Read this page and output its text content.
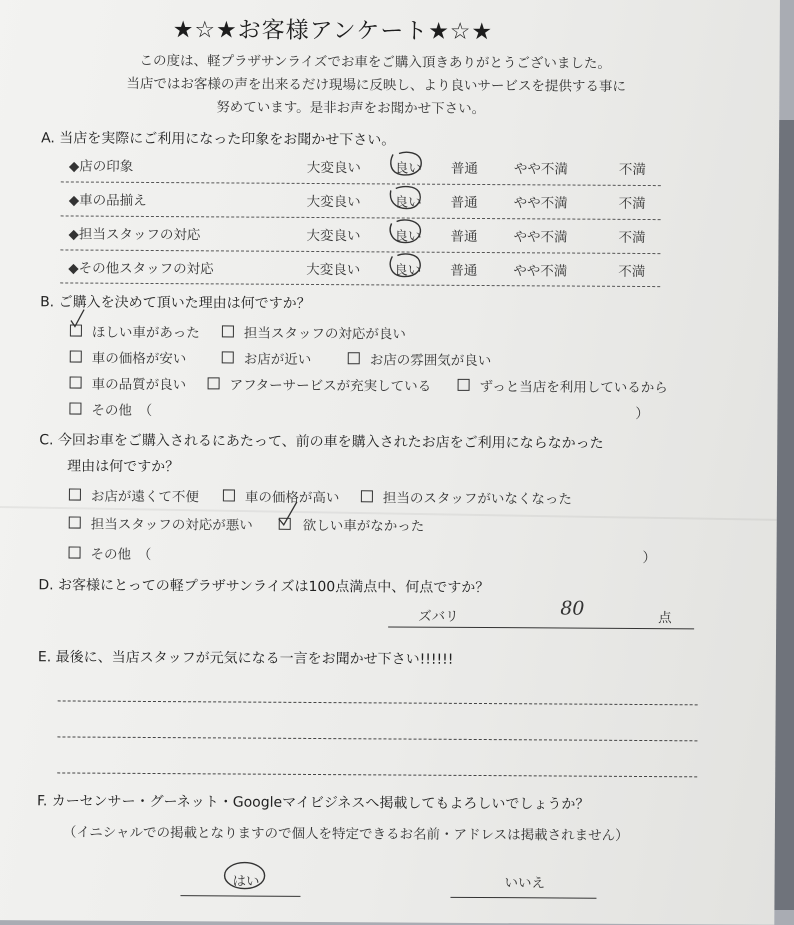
★☆★お客様アンケート★☆★
この度は、軽プラザサンライズでお車をご購入頂きありがとうございました。
当店ではお客様の声を出来るだけ現場に反映し、より良いサービスを提供する事に
努めています。是非お声をお聞かせ下さい。
A. 当店を実際にご利用になった印象をお聞かせ下さい。
◆店の印象	大変良い	良い 普通	やや不満	不満
◆車の品揃え	大変良い	良い 普通	やや不満	不満
◆担当スタッフの対応	大変良い	良い 普通	やや不満	不満
◆その他スタッフの対応	大変良い	良い 普通	やや不満	不満
B. ご購入を決めて頂いた理由は何ですか？
ほしい車があった	担当スタッフの対応が良い
車の価格が安い	お店が近い	お店の雰囲気が良い
車の品質が良い	アフターサービスが充実している	ずっと当店を利用しているから
その他　（	）
C. 今回お車をご購入されるにあたって、前の車を購入されたお店をご利用にならなかった
理由は何ですか？
お店が遠くて不便	車の価格が高い	担当のスタッフがいなくなった
担当スタッフの対応が悪い	欲しい車がなかった
その他　（	）
D. お客様にとっての軽プラザサンライズは100点満点中、何点ですか？
ズバリ	80	点
E. 最後に、当店スタッフが元気になる一言をお聞かせ下さい!!!!!!
F. カーセンサー・グーネット・Googleマイビジネスへ掲載してもよろしいでしょうか？
（イニシャルでの掲載となりますので個人を特定できるお名前・アドレスは掲載されません）
はい	いいえ
